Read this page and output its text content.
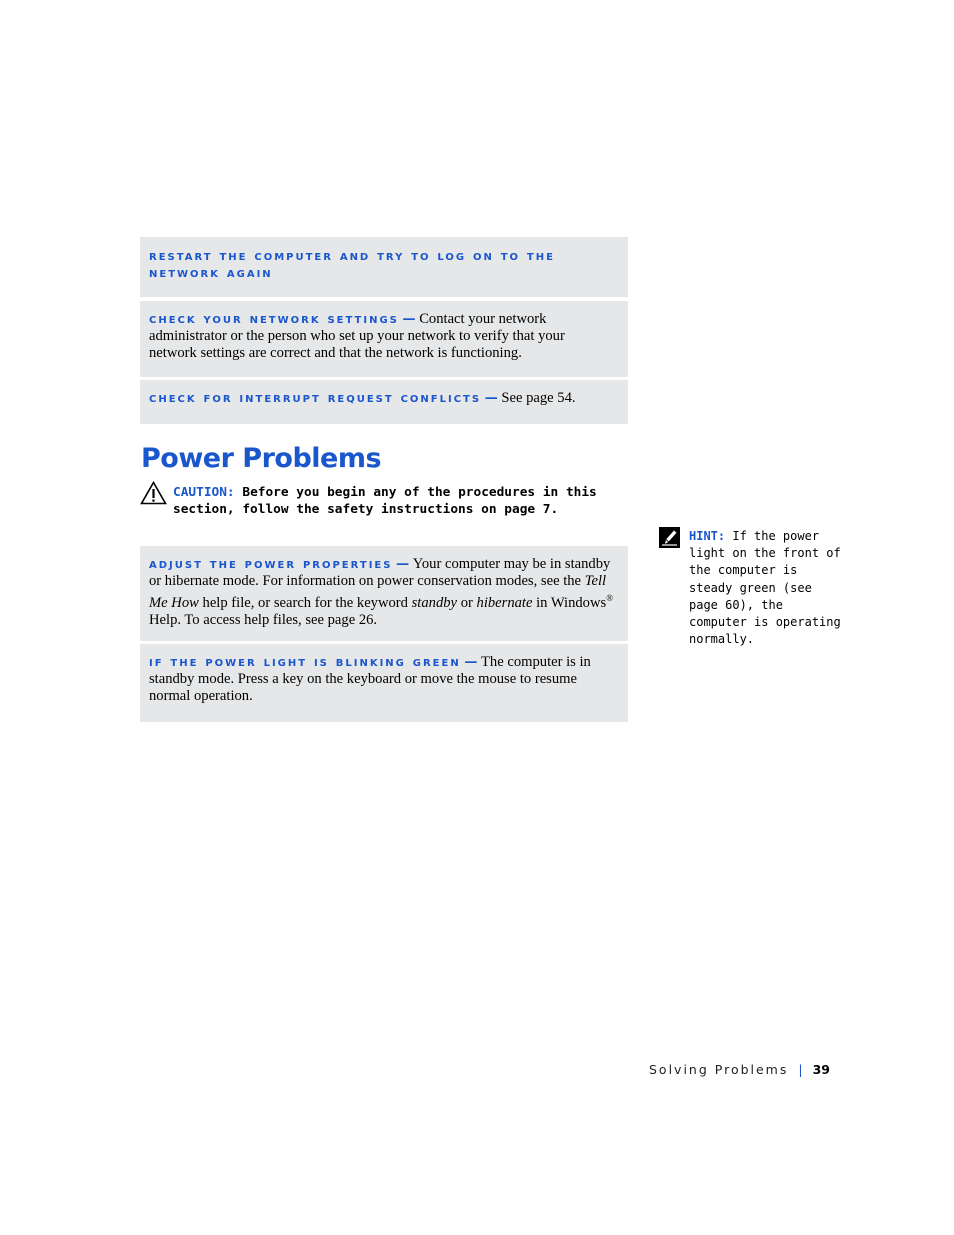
restart the computer and try to log on to the network again
check your network settings — Contact your network administrator or the person who set up your network to verify that your network settings are correct and that the network is functioning.
check for interrupt request conflicts — See page 54.
Power Problems
CAUTION: Before you begin any of the procedures in this section, follow the safety instructions on page 7.
HINT: If the power light on the front of the computer is steady green (see page 60), the computer is operating normally.
adjust the power properties — Your computer may be in standby or hibernate mode. For information on power conservation modes, see the Tell Me How help file, or search for the keyword standby or hibernate in Windows® Help. To access help files, see page 26.
if the power light is blinking green — The computer is in standby mode. Press a key on the keyboard or move the mouse to resume normal operation.
Solving Problems | 39
